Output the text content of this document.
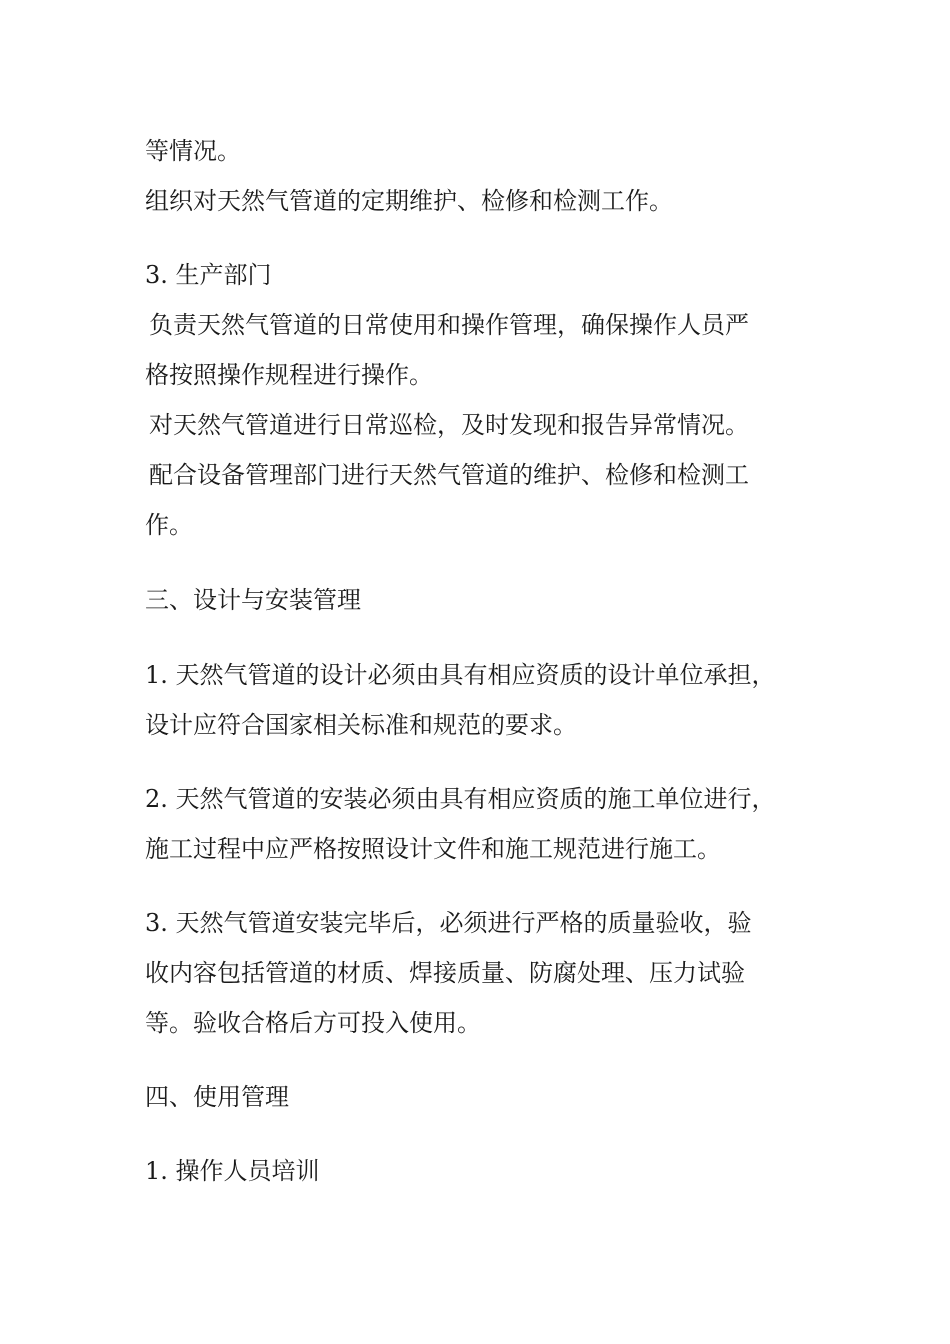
等情况。
组织对天然气管道的定期维护、检修和检测工作。
3. 生产部门
负责天然气管道的日常使用和操作管理，确保操作人员严
格按照操作规程进行操作。
对天然气管道进行日常巡检，及时发现和报告异常情况。
配合设备管理部门进行天然气管道的维护、检修和检测工
作。
三、设计与安装管理
1. 天然气管道的设计必须由具有相应资质的设计单位承担，
设计应符合国家相关标准和规范的要求。
2. 天然气管道的安装必须由具有相应资质的施工单位进行，
施工过程中应严格按照设计文件和施工规范进行施工。
3. 天然气管道安装完毕后，必须进行严格的质量验收，验
收内容包括管道的材质、焊接质量、防腐处理、压力试验
等。验收合格后方可投入使用。
四、使用管理
1. 操作人员培训
